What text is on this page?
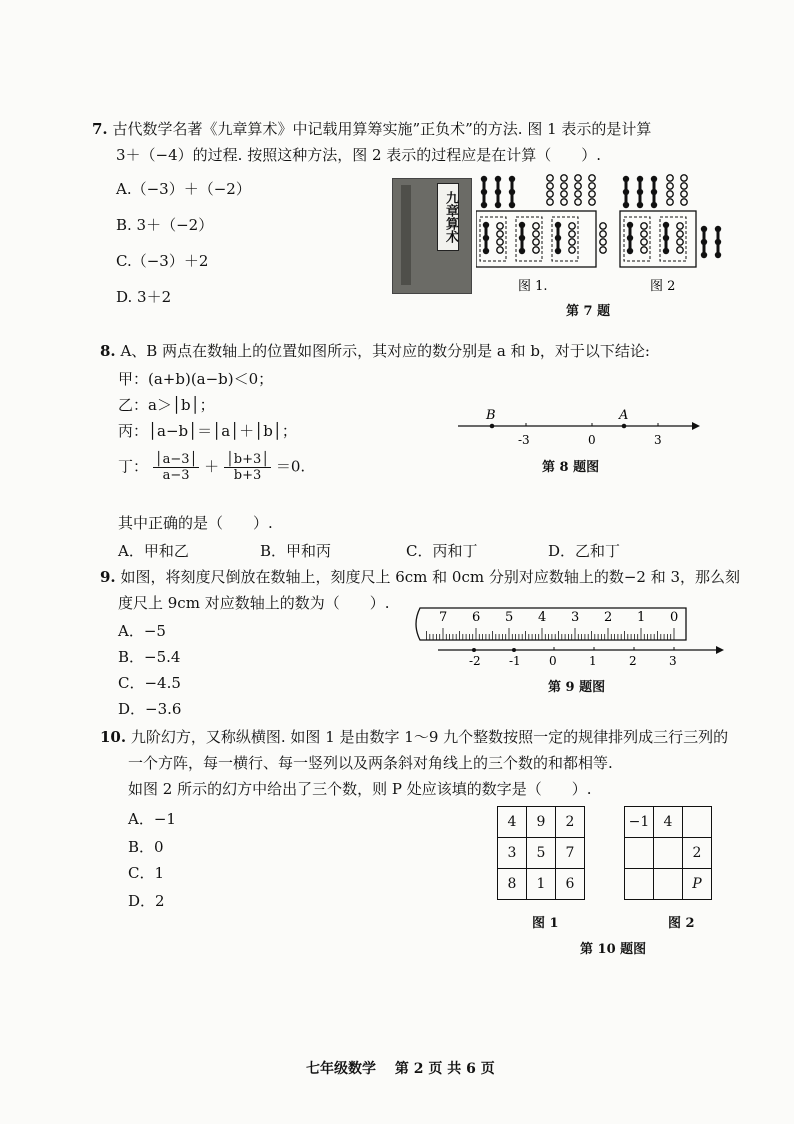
7. 古代数学名著《九章算术》中记载用算筹实施”正负术”的方法. 图 1 表示的是计算
3＋（−4）的过程. 按照这种方法，图 2 表示的过程应是在计算（　　）.
A.（−3）＋（−2）
B. 3＋（−2）
C.（−3）＋2
D. 3＋2
九章算术
图 1.	图 2
第 7 题
8. A、B 两点在数轴上的位置如图所示，其对应的数分别是 a 和 b，对于以下结论:
甲：(a+b)(a−b)＜0；
乙：a＞│b│；
丙：│a−b│＝│a│＋│b│；
丁： $\frac{│a-3│}{a-3} + \frac{│b+3│}{b+3} =0$.
其中正确的是（　　）.
A．甲和乙	B．甲和丙	C．丙和丁	D．乙和丁
B	A
-3	0	3
第 8 题图
9. 如图，将刻度尺倒放在数轴上，刻度尺上 6cm 和 0cm 分别对应数轴上的数−2 和 3，那么刻
度尺上 9cm 对应数轴上的数为（　　）.
A．−5
B．−5.4
C．−4.5
D．−3.6
7 6 5 4 3 2 1 0
-2 -1 0	1	2	3
第 9 题图
10. 九阶幻方，又称纵横图. 如图 1 是由数字 1～9 九个整数按照一定的规律排列成三行三列的
一个方阵，每一横行、每一竖列以及两条斜对角线上的三个数的和都相等.
如图 2 所示的幻方中给出了三个数，则 P 处应该填的数字是（　　）.
A．−1
B．0
C．1
D．2
4	9	2
3	5	7
8	1	6
−1	4	
		2
		P
图 1	图 2
第 10 题图
七年级数学　 第 2 页 共 6 页
